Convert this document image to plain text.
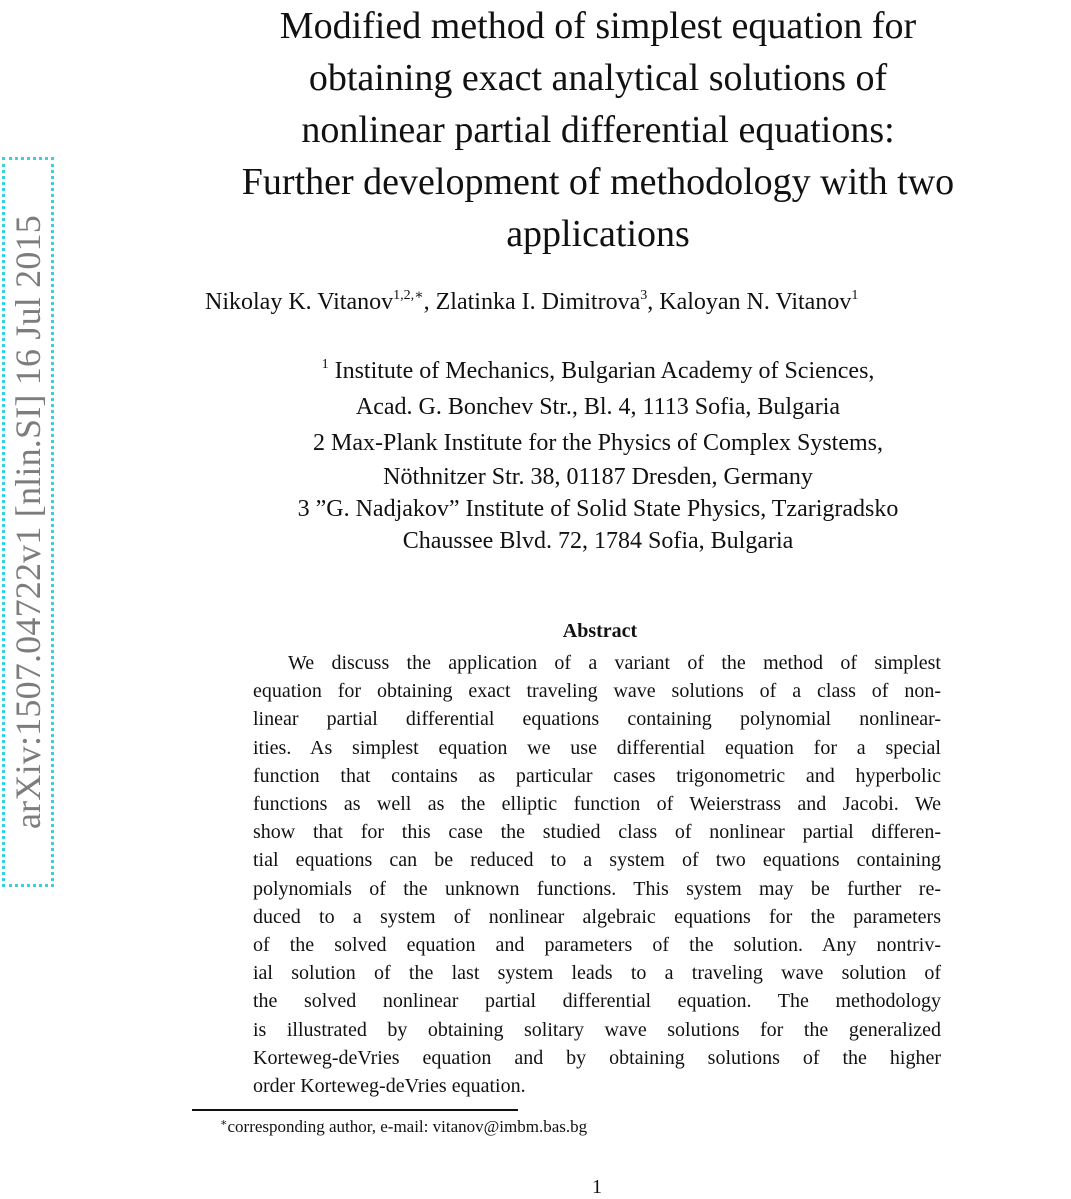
arXiv:1507.04722v1 [nlin.SI] 16 Jul 2015
Modified method of simplest equation for
obtaining exact analytical solutions of
nonlinear partial differential equations:
Further development of methodology with two
applications
Nikolay K. Vitanov$^{1,2,∗}$, Zlatinka I. Dimitrova$^3$, Kaloyan N. Vitanov$^1$
$^1$ Institute of Mechanics, Bulgarian Academy of Sciences,
Acad. G. Bonchev Str., Bl. 4, 1113 Sofia, Bulgaria
2 Max-Plank Institute for the Physics of Complex Systems,
Nöthnitzer Str. 38, 01187 Dresden, Germany
3 ”G. Nadjakov” Institute of Solid State Physics, Tzarigradsko
Chaussee Blvd. 72, 1784 Sofia, Bulgaria
Abstract
We discuss the application of a variant of the method of simplest
equation for obtaining exact traveling wave solutions of a class of non-
linear partial differential equations containing polynomial nonlinear-
ities. As simplest equation we use differential equation for a special
function that contains as particular cases trigonometric and hyperbolic
functions as well as the elliptic function of Weierstrass and Jacobi. We
show that for this case the studied class of nonlinear partial differen-
tial equations can be reduced to a system of two equations containing
polynomials of the unknown functions. This system may be further re-
duced to a system of nonlinear algebraic equations for the parameters
of the solved equation and parameters of the solution. Any nontriv-
ial solution of the last system leads to a traveling wave solution of
the solved nonlinear partial differential equation. The methodology
is illustrated by obtaining solitary wave solutions for the generalized
Korteweg-deVries equation and by obtaining solutions of the higher
order Korteweg-deVries equation.
∗corresponding author, e-mail: vitanov@imbm.bas.bg
1
